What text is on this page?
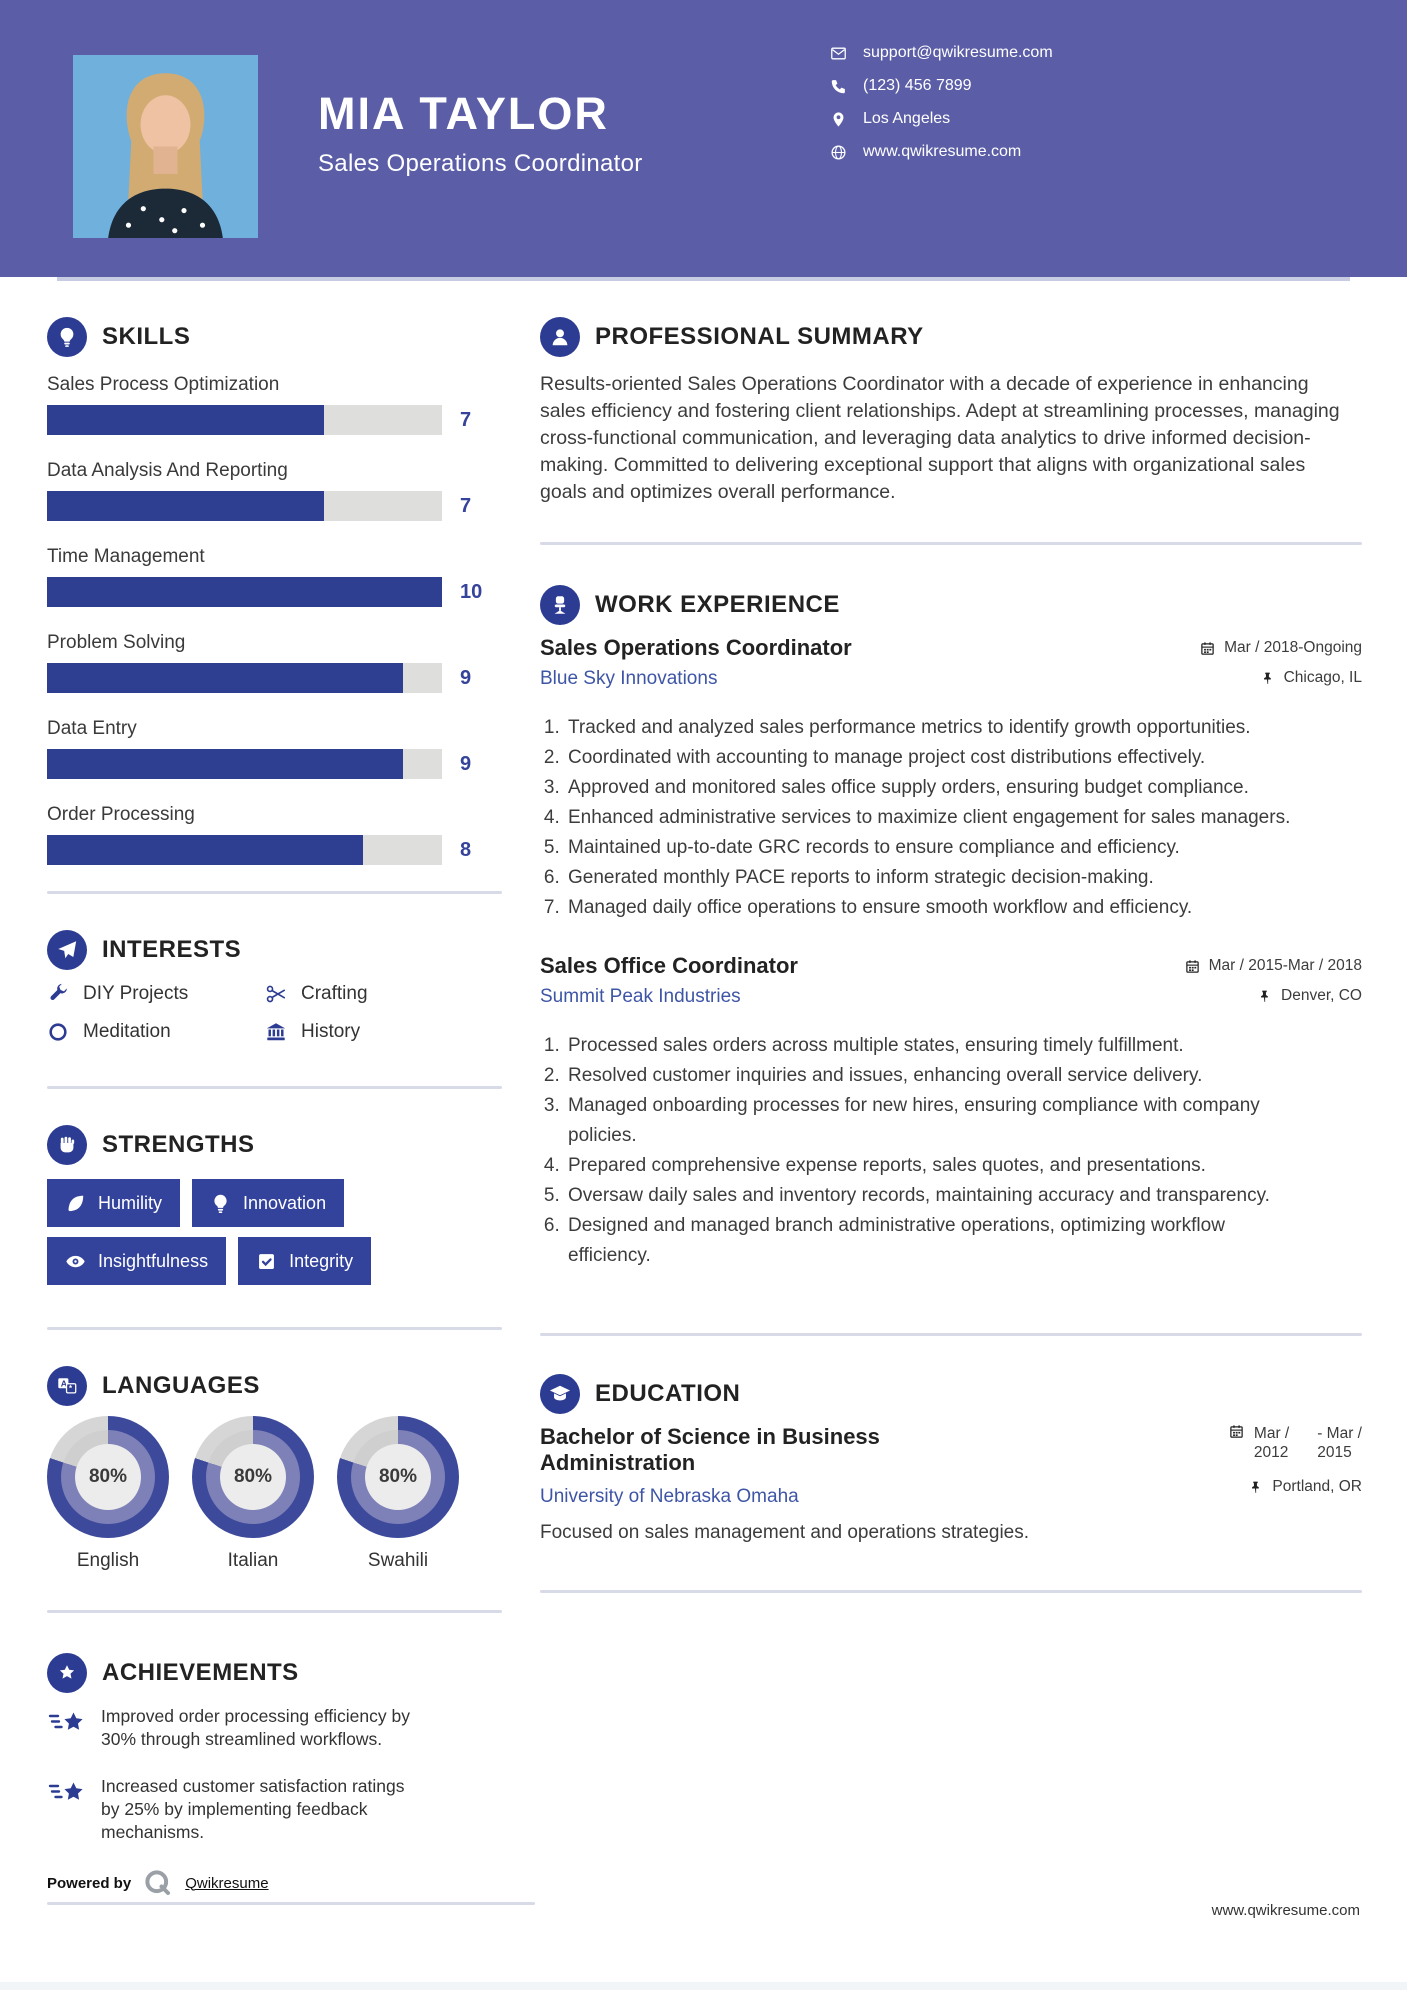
MIA TAYLOR
Sales Operations Coordinator
support@qwikresume.com
(123) 456 7899
Los Angeles
www.qwikresume.com
SKILLS
Sales Process Optimization
7
Data Analysis And Reporting
7
Time Management
10
Problem Solving
9
Data Entry
9
Order Processing
8
INTERESTS
DIY Projects	Crafting
Meditation	History
STRENGTHS
Humility	Innovation
Insightfulness	Integrity
LANGUAGES
80%
English
80%
Italian
80%
Swahili
ACHIEVEMENTS
Improved order processing efficiency by 30% through streamlined workflows.
Increased customer satisfaction ratings by 25% by implementing feedback mechanisms.
Powered by	Qwikresume
PROFESSIONAL SUMMARY
Results-oriented Sales Operations Coordinator with a decade of experience in enhancing sales efficiency and fostering client relationships. Adept at streamlining processes, managing cross-functional communication, and leveraging data analytics to drive informed decision-making. Committed to delivering exceptional support that aligns with organizational sales goals and optimizes overall performance.
WORK EXPERIENCE
Sales Operations Coordinator
Blue Sky Innovations
Mar / 2018-Ongoing
Chicago, IL
1. Tracked and analyzed sales performance metrics to identify growth opportunities.
2. Coordinated with accounting to manage project cost distributions effectively.
3. Approved and monitored sales office supply orders, ensuring budget compliance.
4. Enhanced administrative services to maximize client engagement for sales managers.
5. Maintained up-to-date GRC records to ensure compliance and efficiency.
6. Generated monthly PACE reports to inform strategic decision-making.
7. Managed daily office operations to ensure smooth workflow and efficiency.
Sales Office Coordinator
Summit Peak Industries
Mar / 2015-Mar / 2018
Denver, CO
1. Processed sales orders across multiple states, ensuring timely fulfillment.
2. Resolved customer inquiries and issues, enhancing overall service delivery.
3. Managed onboarding processes for new hires, ensuring compliance with company policies.
4. Prepared comprehensive expense reports, sales quotes, and presentations.
5. Oversaw daily sales and inventory records, maintaining accuracy and transparency.
6. Designed and managed branch administrative operations, optimizing workflow efficiency.
EDUCATION
Bachelor of Science in Business Administration
University of Nebraska Omaha
Focused on sales management and operations strategies.
Mar /
2012
- Mar /
2015
Portland, OR
www.qwikresume.com
